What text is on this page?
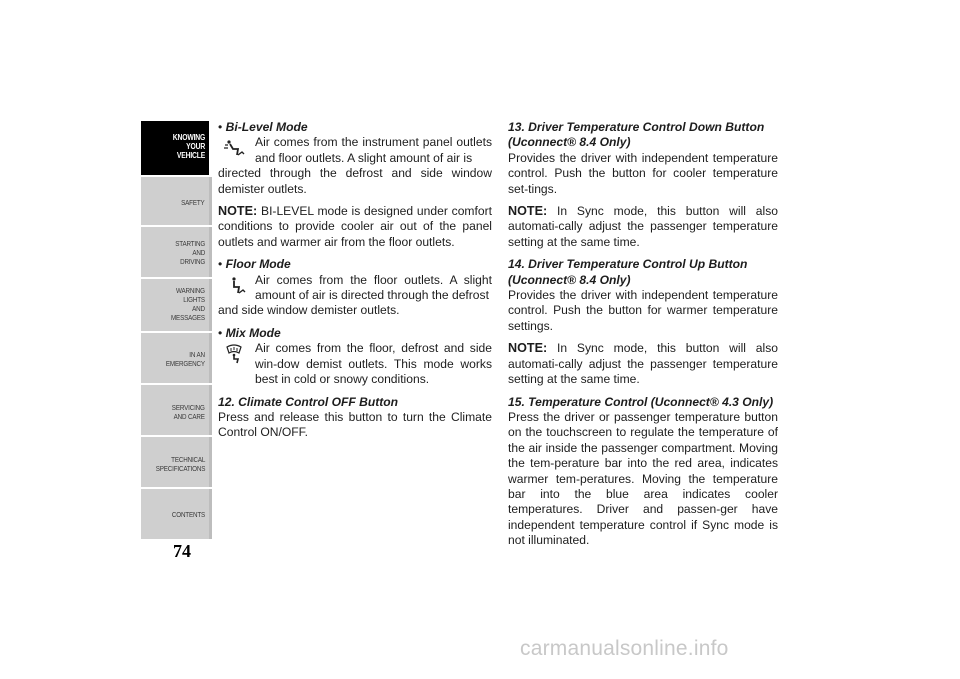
KNOWING
YOUR
VEHICLE
SAFETY
STARTING
AND
DRIVING
WARNING
LIGHTS
AND
MESSAGES
IN AN
EMERGENCY
SERVICING
AND CARE
TECHNICAL
SPECIFICATIONS
CONTENTS
74

• Bi-Level Mode

Air comes from the instrument panel outlets and floor outlets. A slight amount of air is

directed through the defrost and side window demister outlets.

NOTE: BI-LEVEL mode is designed under comfort conditions to provide cooler air out of the panel outlets and warmer air from the floor outlets.

• Floor Mode

Air comes from the floor outlets. A slight amount of air is directed through the defrost

and side window demister outlets.

• Mix Mode

Air comes from the floor, defrost and side win-dow demist outlets. This mode works best in cold or snowy conditions.

12. Climate Control OFF Button

Press and release this button to turn the Climate Control ON/OFF.

13. Driver Temperature Control Down Button

(Uconnect® 8.4 Only)

Provides the driver with independent temperature control. Push the button for cooler temperature set-tings.

NOTE: In Sync mode, this button will also automati-cally adjust the passenger temperature setting at the same time.

14. Driver Temperature Control Up Button

(Uconnect® 8.4 Only)

Provides the driver with independent temperature control. Push the button for warmer temperature settings.

NOTE: In Sync mode, this button will also automati-cally adjust the passenger temperature setting at the same time.

15. Temperature Control (Uconnect® 4.3 Only)

Press the driver or passenger temperature button on the touchscreen to regulate the temperature of the air inside the passenger compartment. Moving the tem-perature bar into the red area, indicates warmer tem-peratures. Moving the temperature bar into the blue area indicates cooler temperatures. Driver and passen-ger have independent temperature control if Sync mode is not illuminated.

carmanualsonline.info
